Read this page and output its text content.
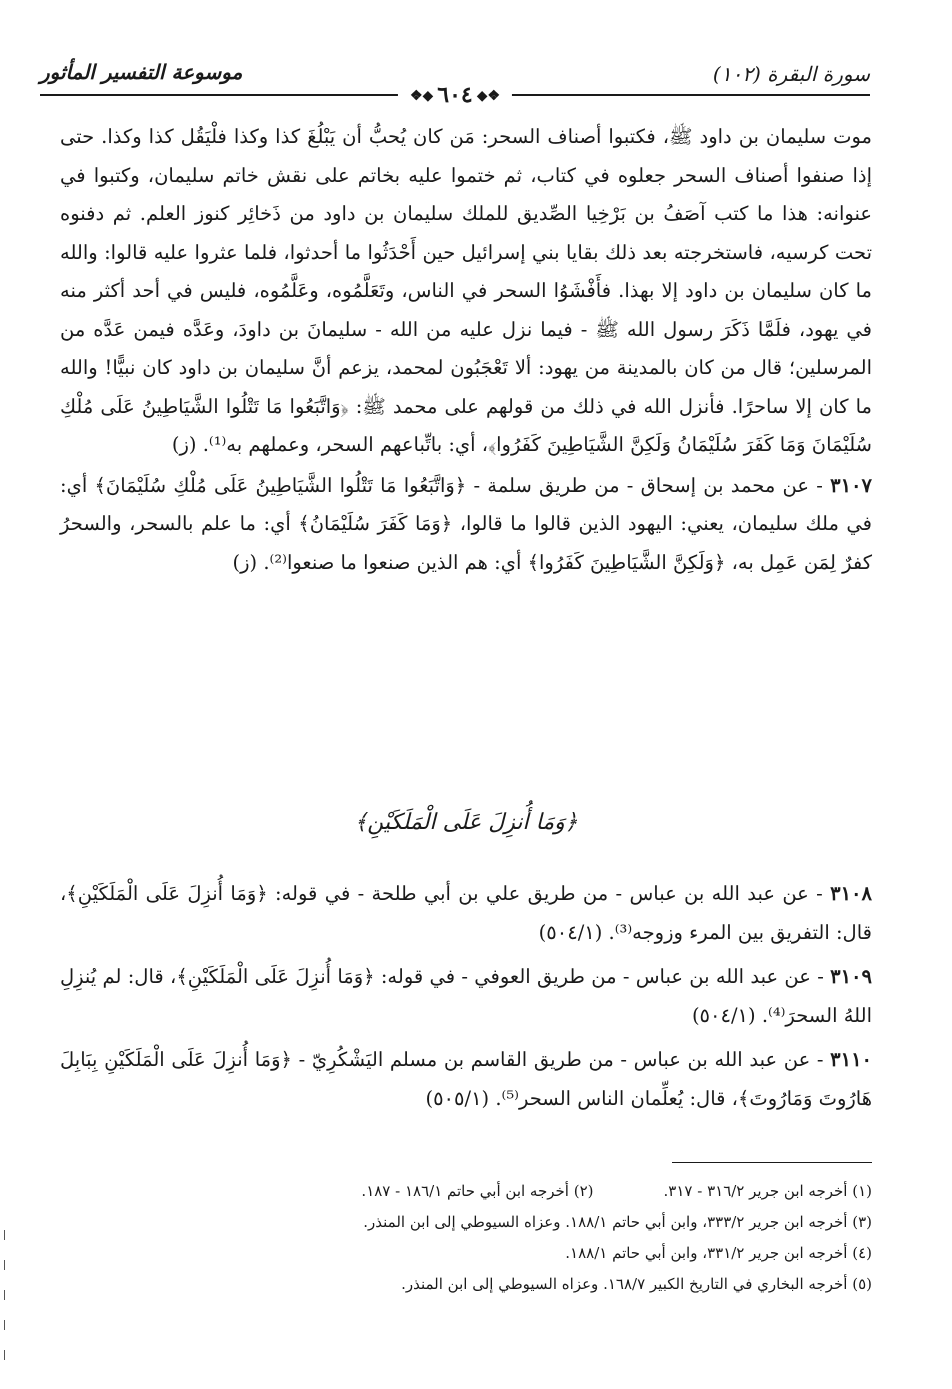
سورة البقرة (١٠٢)
موسوعة التفسير المأثور
❖◆٦٠٤◆❖

موت سليمان بن داود ﷺ، فكتبوا أصناف السحر: مَن كان يُحبُّ أن يَبْلُغَ كذا وكذا فلْيَقُل كذا وكذا. حتى إذا صنفوا أصناف السحر جعلوه في كتاب، ثم ختموا عليه بخاتم على نقش خاتم سليمان، وكتبوا في عنوانه: هذا ما كتب آصَفُ بن بَرْخِيا الصِّديق للملك سليمان بن داود من ذَخائِر كنوز العلم. ثم دفنوه تحت كرسيه، فاستخرجته بعد ذلك بقايا بني إسرائيل حين أَحْدَثُوا ما أحدثوا، فلما عثروا عليه قالوا: والله ما كان سليمان بن داود إلا بهذا. فأَفْشَوُا السحر في الناس، وتَعَلَّمُوه، وعَلَّمُوه، فليس في أحد أكثر منه في يهود، فلَمَّا ذَكَرَ رسول الله ﷺ - فيما نزل عليه من الله - سليمانَ بن داودَ، وعَدَّه فيمن عَدَّه من المرسلين؛ قال من كان بالمدينة من يهود: ألا تَعْجَبُون لمحمد، يزعم أنَّ سليمان بن داود كان نبيًّا! والله ما كان إلا ساحرًا. فأنزل الله في ذلك من قولهم على محمد ﷺ: ﴿وَاتَّبَعُوا مَا تَتْلُوا الشَّيَاطِينُ عَلَى مُلْكِ سُلَيْمَانَ وَمَا كَفَرَ سُلَيْمَانُ وَلَكِنَّ الشَّيَاطِينَ كَفَرُوا﴾، أي: باتِّباعهم السحر، وعملهم به⁽¹⁾. (ز)

٣١٠٧ - عن محمد بن إسحاق - من طريق سلمة - ﴿وَاتَّبَعُوا مَا تَتْلُوا الشَّيَاطِينُ عَلَى مُلْكِ سُلَيْمَانَ﴾ أي: في ملك سليمان، يعني: اليهود الذين قالوا ما قالوا، ﴿وَمَا كَفَرَ سُلَيْمَانُ﴾ أي: ما علم بالسحر، والسحرُ كفرٌ لِمَن عَمِل به، ﴿وَلَكِنَّ الشَّيَاطِينَ كَفَرُوا﴾ أي: هم الذين صنعوا ما صنعوا⁽²⁾. (ز)

﴿وَمَا أُنزِلَ عَلَى الْمَلَكَيْنِ﴾

٣١٠٨ - عن عبد الله بن عباس - من طريق علي بن أبي طلحة - في قوله: ﴿وَمَا أُنزِلَ عَلَى الْمَلَكَيْنِ﴾، قال: التفريق بين المرء وزوجه⁽³⁾. (٥٠٤/١)

٣١٠٩ - عن عبد الله بن عباس - من طريق العوفي - في قوله: ﴿وَمَا أُنزِلَ عَلَى الْمَلَكَيْنِ﴾، قال: لم يُنزِلِ اللهُ السحرَ⁽⁴⁾. (٥٠٤/١)

٣١١٠ - عن عبد الله بن عباس - من طريق القاسم بن مسلم اليَشْكُرِيّ - ﴿وَمَا أُنزِلَ عَلَى الْمَلَكَيْنِ بِبَابِلَ هَارُوتَ وَمَارُوتَ﴾، قال: يُعلِّمان الناس السحر⁽⁵⁾. (٥٠٥/١)

(١) أخرجه ابن جرير ٣١٦/٢ - ٣١٧.(٢) أخرجه ابن أبي حاتم ١٨٦/١ - ١٨٧.
(٣) أخرجه ابن جرير ٣٣٣/٢، وابن أبي حاتم ١٨٨/١. وعزاه السيوطي إلى ابن المنذر.
(٤) أخرجه ابن جرير ٣٣١/٢، وابن أبي حاتم ١٨٨/١.
(٥) أخرجه البخاري في التاريخ الكبير ١٦٨/٧. وعزاه السيوطي إلى ابن المنذر.
